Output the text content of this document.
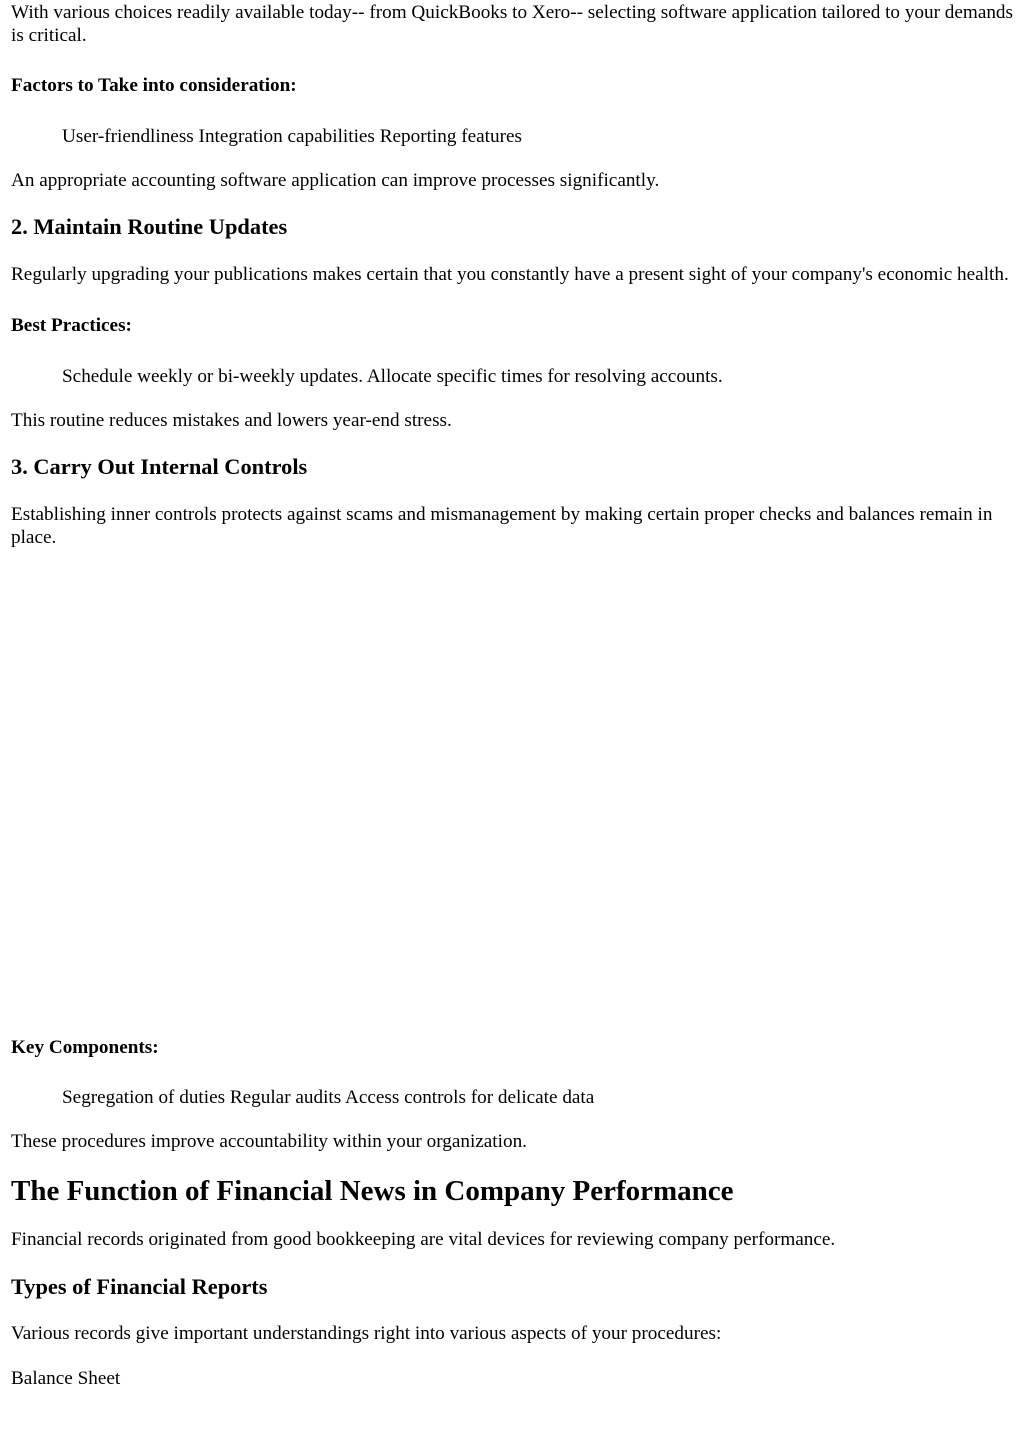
With various choices readily available today-- from QuickBooks to Xero-- selecting software application tailored to your demands is critical.

Factors to Take into consideration:

User-friendliness Integration capabilities Reporting features

An appropriate accounting software application can improve processes significantly.

2. Maintain Routine Updates

Regularly upgrading your publications makes certain that you constantly have a present sight of your company's economic health.

Best Practices:

Schedule weekly or bi-weekly updates. Allocate specific times for resolving accounts.

This routine reduces mistakes and lowers year-end stress.

3. Carry Out Internal Controls

Establishing inner controls protects against scams and mismanagement by making certain proper checks and balances remain in place.

Key Components:

Segregation of duties Regular audits Access controls for delicate data

These procedures improve accountability within your organization.

The Function of Financial News in Company Performance

Financial records originated from good bookkeeping are vital devices for reviewing company performance.

Types of Financial Reports

Various records give important understandings right into various aspects of your procedures:

Balance Sheet
